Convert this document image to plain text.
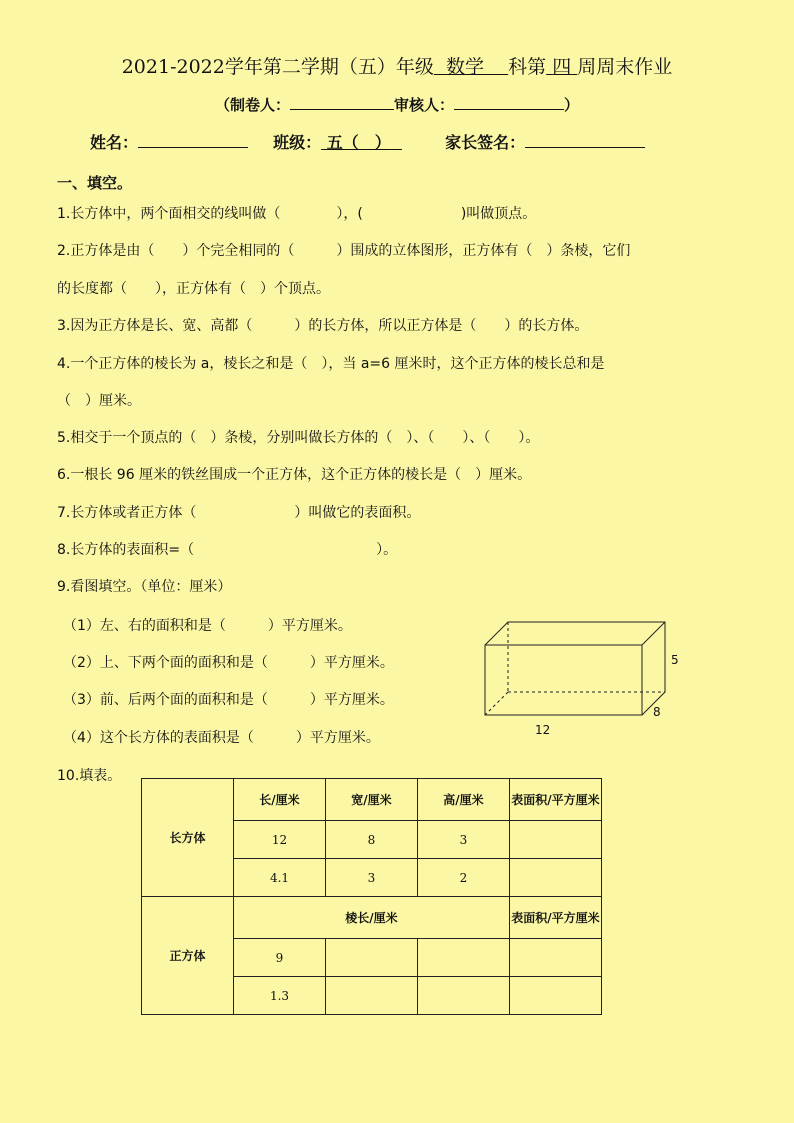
2021-2022学年第二学期（五）年级 数学 科第 四 周周末作业
（制卷人：	审核人：	）
姓名：	班级： 五（　）	家长签名：
一、填空。
1.长方体中，两个面相交的线叫做（　　　　），(　　　　　　　)叫做顶点。
2.正方体是由（　　）个完全相同的（　　　）围成的立体图形，正方体有（　）条棱，它们
的长度都（　　），正方体有（　）个顶点。
3.因为正方体是长、宽、高都（　　　）的长方体，所以正方体是（　　）的长方体。
4.一个正方体的棱长为 a，棱长之和是（　），当 a=6 厘米时，这个正方体的棱长总和是
（　）厘米。
5.相交于一个顶点的（　）条棱，分别叫做长方体的（　）、（　　）、（　　）。
6.一根长 96 厘米的铁丝围成一个正方体，这个正方体的棱长是（　）厘米。
7.长方体或者正方体（　　　　　　　）叫做它的表面积。
8.长方体的表面积=（　　　　　　　　　　　　　）。
9.看图填空。（单位：厘米）
（1）左、右的面积和是（　　　）平方厘米。
（2）上、下两个面的面积和是（　　　）平方厘米。
（3）前、后两个面的面积和是（　　　）平方厘米。
（4）这个长方体的表面积是（　　　）平方厘米。
5
8
12
10.填表。
长方体	长/厘米	宽/厘米	高/厘米	表面积/平方厘米
	12	8	3	
	4.1	3	2	
正方体	棱长/厘米			表面积/平方厘米
	9			
	1.3			
